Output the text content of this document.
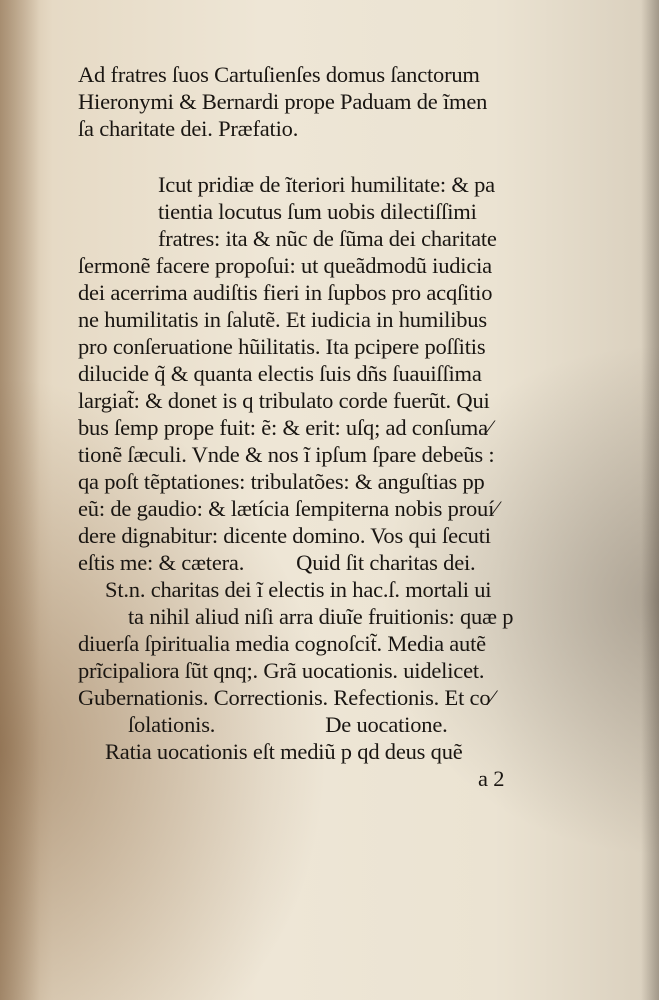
Ad fratres ſuos Cartuſienſes domus ſanctorum
Hieronymi & Bernardi prope Paduam de ĩmen
ſa charitate dei. Præfatio.
Icut pridiæ de ĩteriori humilitate: & pa
tientia locutus ſum uobis dilectiſſimi
fratres: ita & nũc de ſũma dei charitate
ſermonẽ facere propoſui: ut queãdmodũ iudicia
dei acerrima audiſtis fieri in ſupbos pro acqſitio
ne humilitatis in ſalutẽ. Et iudicia in humilibus
pro conſeruatione hũilitatis. Ita pcipere poſſitis
dilucide q̃ & quanta electis ſuis dñs ſuauiſſima
largiat̃: & donet is q tribulato corde fuerũt. Qui
bus ſemp prope fuit: ẽ: & erit: uſq; ad conſuma⁄
tionẽ ſæculi. Vnde & nos ĩ ipſum ſpare debeũs :
qa poſt tẽptationes: tribulatões: & anguſtias pp
eũ: de gaudio: & lætícia ſempiterna nobis prouí⁄
dere dignabitur: dicente domino. Vos qui ſecuti
eſtis me: & cætera. Quid ſit charitas dei.
St.n. charitas dei ĩ electis in hac.ſ. mortali ui
ta nihil aliud niſi arra diuĩe fruitionis: quæ p
diuerſa ſpiritualia media cognoſcit̃. Media autẽ
prĩcipaliora ſũt qnq;. Grã uocationis. uidelicet.
Gubernationis. Correctionis. Refectionis. Et co⁄
ſolationis.	De uocatione.
Ratia uocationis eſt mediũ p qd deus quẽ
a 2
